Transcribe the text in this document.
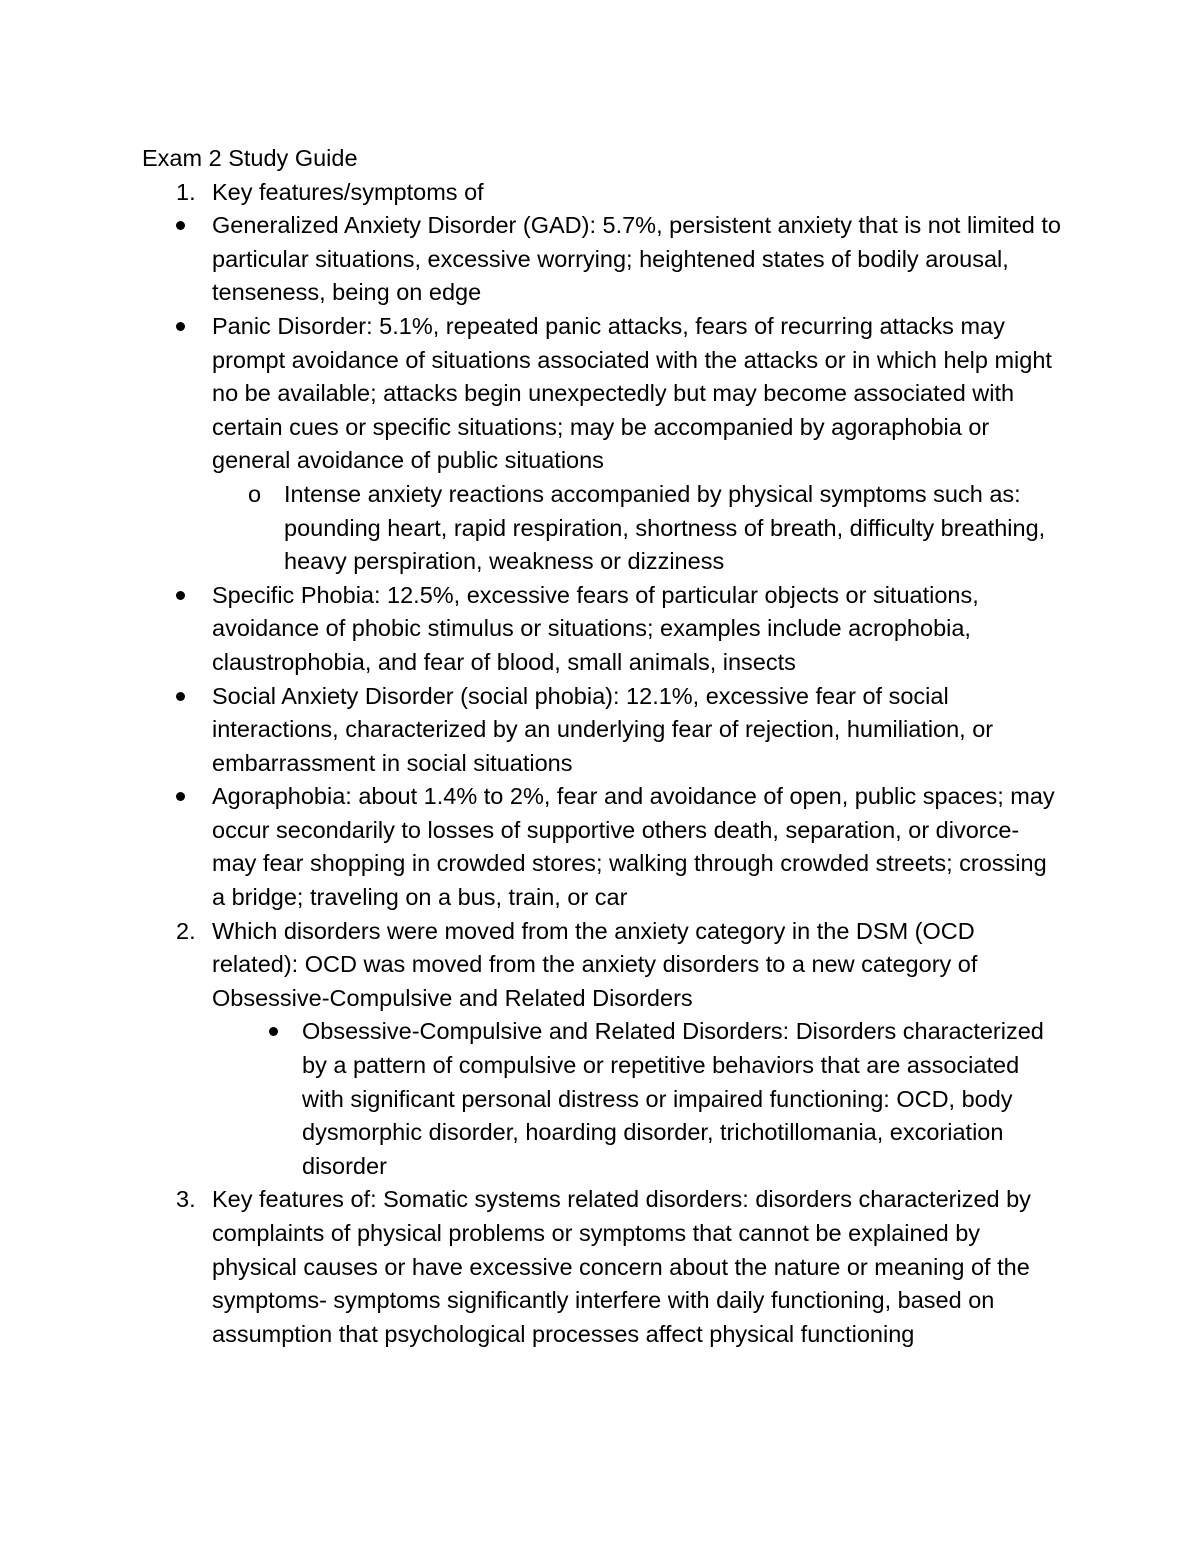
Exam 2 Study Guide

1. Key features/symptoms of
Generalized Anxiety Disorder (GAD): 5.7%, persistent anxiety that is not limited to particular situations, excessive worrying; heightened states of bodily arousal, tenseness, being on edge
Panic Disorder: 5.1%, repeated panic attacks, fears of recurring attacks may prompt avoidance of situations associated with the attacks or in which help might no be available; attacks begin unexpectedly but may become associated with certain cues or specific situations; may be accompanied by agoraphobia or general avoidance of public situations
o Intense anxiety reactions accompanied by physical symptoms such as: pounding heart, rapid respiration, shortness of breath, difficulty breathing, heavy perspiration, weakness or dizziness
Specific Phobia: 12.5%, excessive fears of particular objects or situations, avoidance of phobic stimulus or situations; examples include acrophobia, claustrophobia, and fear of blood, small animals, insects
Social Anxiety Disorder (social phobia): 12.1%, excessive fear of social interactions, characterized by an underlying fear of rejection, humiliation, or embarrassment in social situations
Agoraphobia: about 1.4% to 2%, fear and avoidance of open, public spaces; may occur secondarily to losses of supportive others death, separation, or divorce- may fear shopping in crowded stores; walking through crowded streets; crossing a bridge; traveling on a bus, train, or car
2. Which disorders were moved from the anxiety category in the DSM (OCD related): OCD was moved from the anxiety disorders to a new category of Obsessive-Compulsive and Related Disorders
Obsessive-Compulsive and Related Disorders: Disorders characterized by a pattern of compulsive or repetitive behaviors that are associated with significant personal distress or impaired functioning: OCD, body dysmorphic disorder, hoarding disorder, trichotillomania, excoriation disorder
3. Key features of: Somatic systems related disorders: disorders characterized by complaints of physical problems or symptoms that cannot be explained by physical causes or have excessive concern about the nature or meaning of the symptoms- symptoms significantly interfere with daily functioning, based on assumption that psychological processes affect physical functioning
